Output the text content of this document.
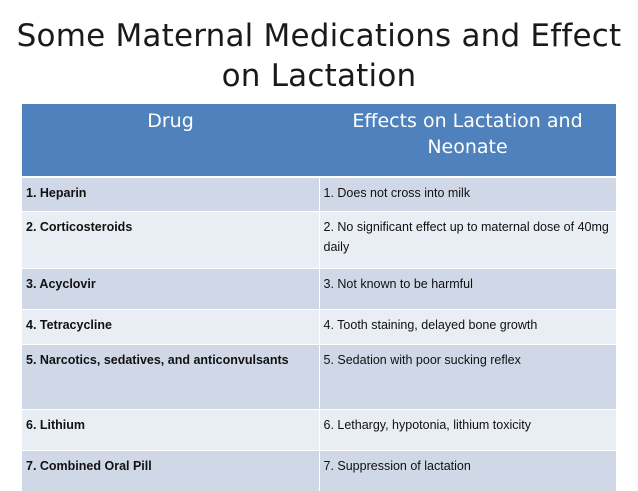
Some Maternal Medications and Effect
on Lactation
Drug	Effects on Lactation and Neonate
1. Heparin	1. Does not cross into milk
2. Corticosteroids	2. No significant effect up to maternal dose of 40mg daily
3. Acyclovir	3. Not known to be harmful
4. Tetracycline	4. Tooth staining, delayed bone growth
5. Narcotics, sedatives, and anticonvulsants	5. Sedation with poor sucking reflex
6. Lithium	6. Lethargy, hypotonia, lithium toxicity
7. Combined Oral Pill	7. Suppression of lactation
